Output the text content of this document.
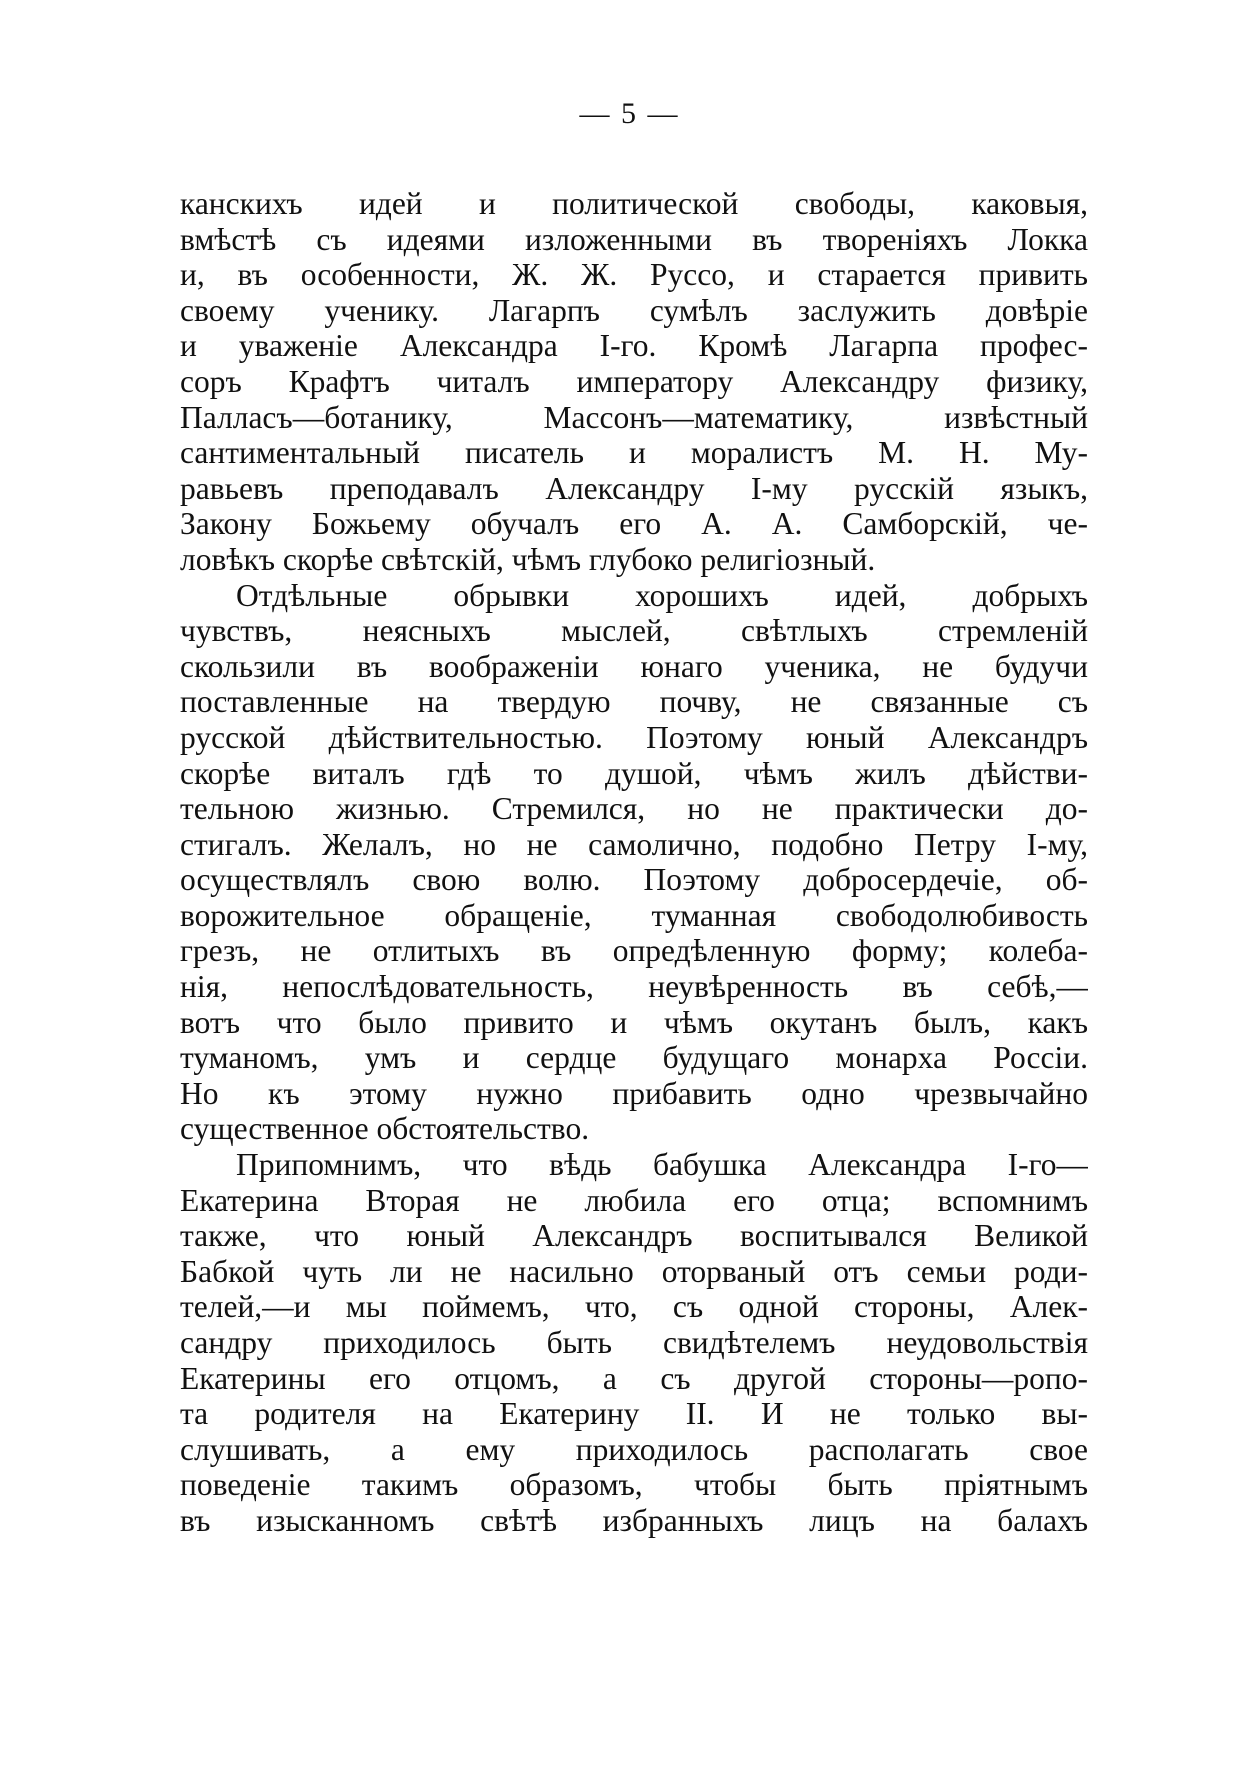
— 5 —
канскихъ идей и политической свободы, каковыя,
вмѣстѣ съ идеями изложенными въ твореніяхъ Локка
и, въ особенности, Ж. Ж. Руссо, и старается привить
своему ученику. Лагарпъ сумѣлъ заслужить довѣріе
и уваженіе Александра I-го. Кромѣ Лагарпа профес-
соръ Крафтъ читалъ императору Александру физику,
Палласъ—ботанику, Массонъ—математику, извѣстный
сантиментальный писатель и моралистъ М. Н. Му-
равьевъ преподавалъ Александру I-му русскій языкъ,
Закону Божьему обучалъ его А. А. Самборскій, че-
ловѣкъ скорѣе свѣтскій, чѣмъ глубоко религіозный.
Отдѣльные обрывки хорошихъ идей, добрыхъ
чувствъ, неясныхъ мыслей, свѣтлыхъ стремленій
скользили въ воображеніи юнаго ученика, не будучи
поставленные на твердую почву, не связанные съ
русской дѣйствительностью. Поэтому юный Александръ
скорѣе виталъ гдѣ то душой, чѣмъ жилъ дѣйстви-
тельною жизнью. Стремился, но не практически до-
стигалъ. Желалъ, но не самолично, подобно Петру I-му,
осуществлялъ свою волю. Поэтому добросердечіе, об-
ворожительное обращеніе, туманная свободолюбивость
грезъ, не отлитыхъ въ опредѣленную форму; колеба-
нія, непослѣдовательность, неувѣренность въ себѣ,—
вотъ что было привито и чѣмъ окутанъ былъ, какъ
туманомъ, умъ и сердце будущаго монарха Россіи.
Но къ этому нужно прибавить одно чрезвычайно
существенное обстоятельство.
Припомнимъ, что вѣдь бабушка Александра I-го—
Екатерина Вторая не любила его отца; вспомнимъ
также, что юный Александръ воспитывался Великой
Бабкой чуть ли не насильно оторваный отъ семьи роди-
телей,—и мы поймемъ, что, съ одной стороны, Алек-
сандру приходилось быть свидѣтелемъ неудовольствія
Екатерины его отцомъ, а съ другой стороны—ропо-
та родителя на Екатерину II. И не только вы-
слушивать, а ему приходилось располагать свое
поведеніе такимъ образомъ, чтобы быть пріятнымъ
въ изысканномъ свѣтѣ избранныхъ лицъ на балахъ
